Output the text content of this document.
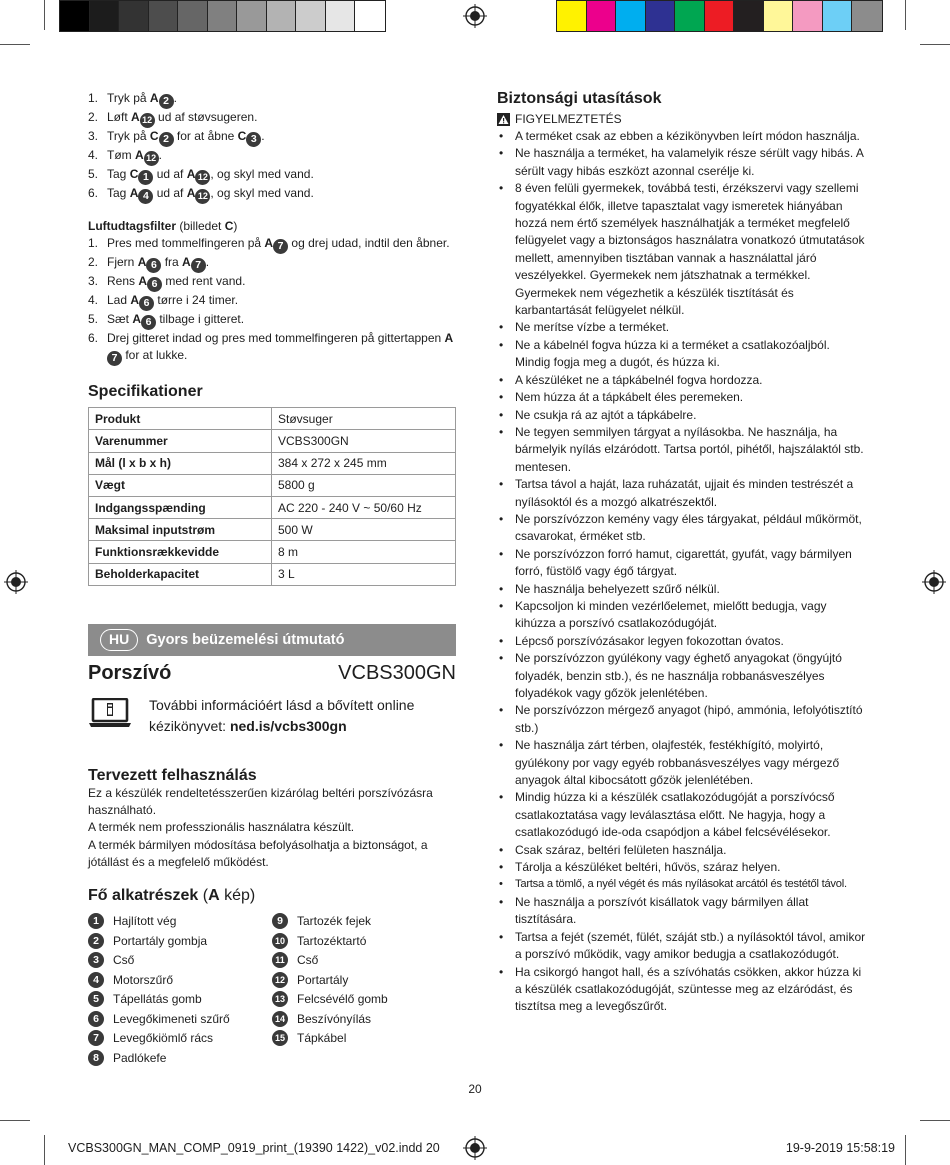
1. Tryk på A 2 .
2. Løft A 12 ud af støvsugeren.
3. Tryk på C 2 for at åbne C 3 .
4. Tøm A 12 .
5. Tag C 1 ud af A 12 , og skyl med vand.
6. Tag A 4 ud af A 12 , og skyl med vand.
Luftudtagsfilter (billedet C)
1. Pres med tommelfingeren på A 7 og drej udad, indtil den åbner.
2. Fjern A 6 fra A 7 .
3. Rens A 6 med rent vand.
4. Lad A 6 tørre i 24 timer.
5. Sæt A 6 tilbage i gitteret.
6. Drej gitteret indad og pres med tommelfingeren på gittertappen A7 for at lukke.
Specifikationer
Produkt	Støvsuger
Varenummer	VCBS300GN
Mål (l x b x h)	384 x 272 x 245 mm
Vægt	5800 g
Indgangsspænding	AC 220 - 240 V ~ 50/60 Hz
Maksimal inputstrøm	500 W
Funktionsrækkevidde	8 m
Beholderkapacitet	3 L
HU	Gyors beüzemelési útmutató
Porszívó	VCBS300GN
További információért lásd a bővített online
kézikönyvet: ned.is/vcbs300gn
Tervezett felhasználás
Ez a készülék rendeltetésszerűen kizárólag beltéri porszívózásra használható.
A termék nem professzionális használatra készült.
A termék bármilyen módosítása befolyásolhatja a biztonságot, a jótállást és a megfelelő működést.
Fő alkatrészek (A kép)
1	Hajlított vég
2	Portartály gombja
3	Cső
4	Motorszűrő
5	Tápellátás gomb
6	Levegőkimeneti szűrő
7	Levegőkiömlő rács
8	Padlókefe
9	Tartozék fejek
10 Tartozéktartó
11 Cső
12 Portartály
13 Felcsévélő gomb
14 Beszívónyílás
15 Tápkábel
Biztonsági utasítások
FIGYELMEZTETÉS
• A terméket csak az ebben a kézikönyvben leírt módon használja.
• Ne használja a terméket, ha valamelyik része sérült vagy hibás. A sérült vagy hibás eszközt azonnal cserélje ki.
• 8 éven felüli gyermekek, továbbá testi, érzékszervi vagy szellemi fogyatékkal élők, illetve tapasztalat vagy ismeretek hiányában hozzá nem értő személyek használhatják a terméket megfelelő felügyelet vagy a biztonságos használatra vonatkozó útmutatások mellett, amennyiben tisztában vannak a használattal járó veszélyekkel. Gyermekek nem játszhatnak a termékkel. Gyermekek nem végezhetik a készülék tisztítását és karbantartását felügyelet nélkül.
• Ne merítse vízbe a terméket.
• Ne a kábelnél fogva húzza ki a terméket a csatlakozóaljból. Mindig fogja meg a dugót, és húzza ki.
• A készüléket ne a tápkábelnél fogva hordozza.
• Nem húzza át a tápkábelt éles peremeken.
• Ne csukja rá az ajtót a tápkábelre.
• Ne tegyen semmilyen tárgyat a nyílásokba. Ne használja, ha bármelyik nyílás elzáródott. Tartsa portól, pihétől, hajszálaktól stb. mentesen.
• Tartsa távol a haját, laza ruházatát, ujjait és minden testrészét a nyílásoktól és a mozgó alkatrészektől.
• Ne porszívózzon kemény vagy éles tárgyakat, például műkörmöt, csavarokat, érméket stb.
• Ne porszívózzon forró hamut, cigarettát, gyufát, vagy bármilyen forró, füstölő vagy égő tárgyat.
• Ne használja behelyezett szűrő nélkül.
• Kapcsoljon ki minden vezérlőelemet, mielőtt bedugja, vagy kihúzza a porszívó csatlakozódugóját.
• Lépcső porszívózásakor legyen fokozottan óvatos.
• Ne porszívózzon gyúlékony vagy éghető anyagokat (öngyújtó folyadék, benzin stb.), és ne használja robbanásveszélyes folyadékok vagy gőzök jelenlétében.
• Ne porszívózzon mérgező anyagot (hipó, ammónia, lefolyótisztító stb.)
• Ne használja zárt térben, olajfesték, festékhígító, molyirtó, gyúlékony por vagy egyéb robbanásveszélyes vagy mérgező anyagok által kibocsátott gőzök jelenlétében.
• Mindig húzza ki a készülék csatlakozódugóját a porszívócső csatlakoztatása vagy leválasztása előtt. Ne hagyja, hogy a csatlakozódugó ide-oda csapódjon a kábel felcsévélésekor.
• Csak száraz, beltéri felületen használja.
• Tárolja a készüléket beltéri, hűvös, száraz helyen.
• Tartsa a tömlő, a nyél végét és más nyílásokat arcától és testétől távol.
• Ne használja a porszívót kisállatok vagy bármilyen állat tisztítására.
• Tartsa a fejét (szemét, fülét, száját stb.) a nyílásoktól távol, amikor a porszívó működik, vagy amikor bedugja a csatlakozódugót.
• Ha csikorgó hangot hall, és a szívóhatás csökken, akkor húzza ki a készülék csatlakozódugóját, szüntesse meg az elzáródást, és tisztítsa meg a levegőszűrőt.
20
VCBS300GN_MAN_COMP_0919_print_(19390 1422)_v02.indd 20	19-9-2019 15:58:19
